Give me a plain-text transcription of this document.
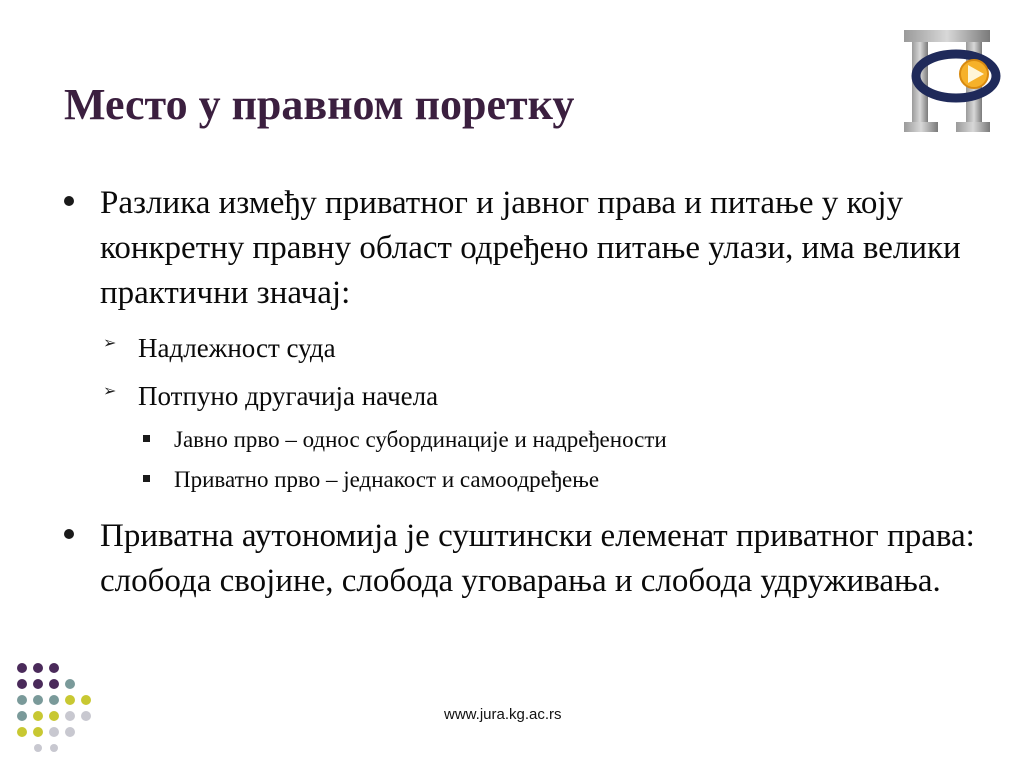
Место у правном поретку
Разлика између приватног и јавног права и питање у коју конкретну правну област одређено питање улази, има велики практични значај:
➢ Надлежност суда
➢ Потпуно другачија начела
Јавно прво – однос субординације и надређености
Приватно прво – једнакост и самоодређење
Приватна аутономија је суштински елеменат приватног права: слобода својине, слобода уговарања и слобода удруживања.
www.jura.kg.ac.rs
